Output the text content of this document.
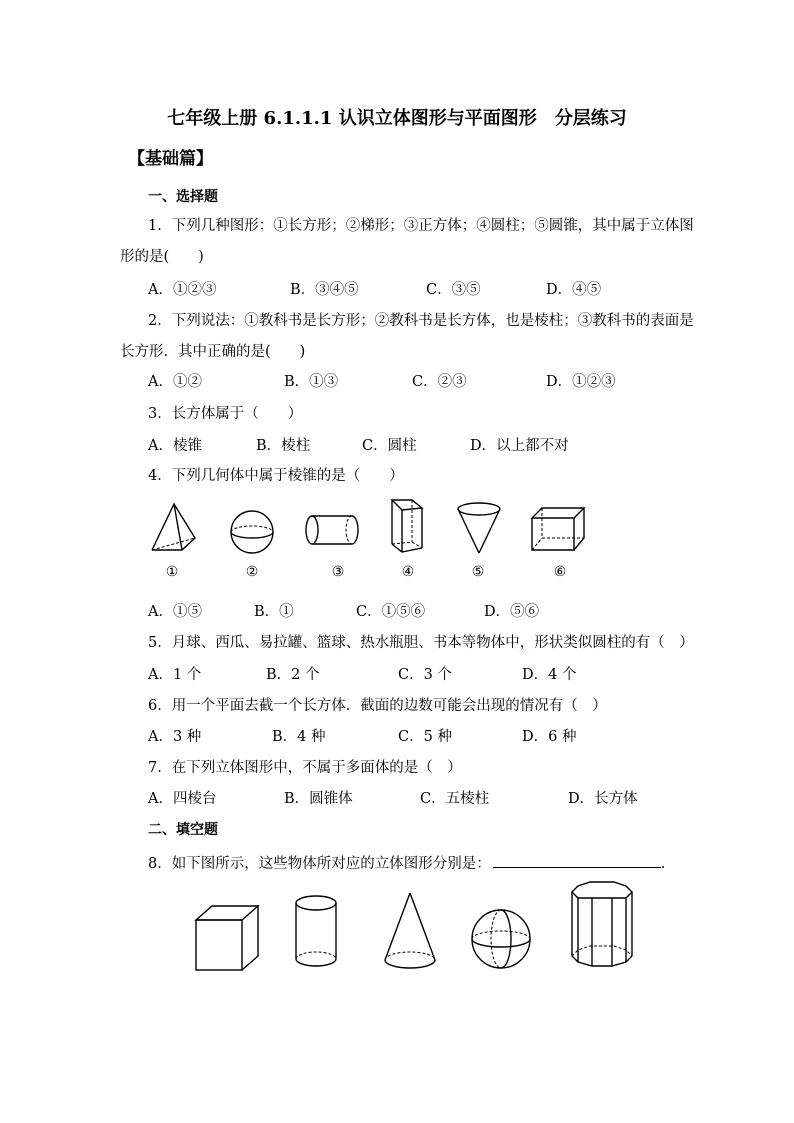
七年级上册 6.1.1.1 认识立体图形与平面图形　分层练习
【基础篇】
一、选择题
1．下列几种图形：①长方形；②梯形；③正方体；④圆柱；⑤圆锥，其中属于立体图
形的是(　　)
A．①②③	B．③④⑤	C．③⑤	D．④⑤
2．下列说法：①教科书是长方形；②教科书是长方体，也是棱柱；③教科书的表面是
长方形．其中正确的是(　　)
A．①②	B．①③	C．②③	D．①②③
3．长方体属于（　　）
A．棱锥	B．棱柱	C．圆柱	D．以上都不对
4．下列几何体中属于棱锥的是（　　）
①	②	③	④	⑤	⑥
A．①⑤	B．①	C．①⑤⑥	D．⑤⑥
5．月球、西瓜、易拉罐、篮球、热水瓶胆、书本等物体中，形状类似圆柱的有（　）
A．1 个	B．2 个	C．3 个	D．4 个
6．用一个平面去截一个长方体．截面的边数可能会出现的情况有（　）
A．3 种	B．4 种	C．5 种	D．6 种
7．在下列立体图形中，不属于多面体的是（　）
A．四棱台	B．圆锥体	C．五棱柱	D．长方体
二、填空题
8．如下图所示，这些物体所对应的立体图形分别是：	.
